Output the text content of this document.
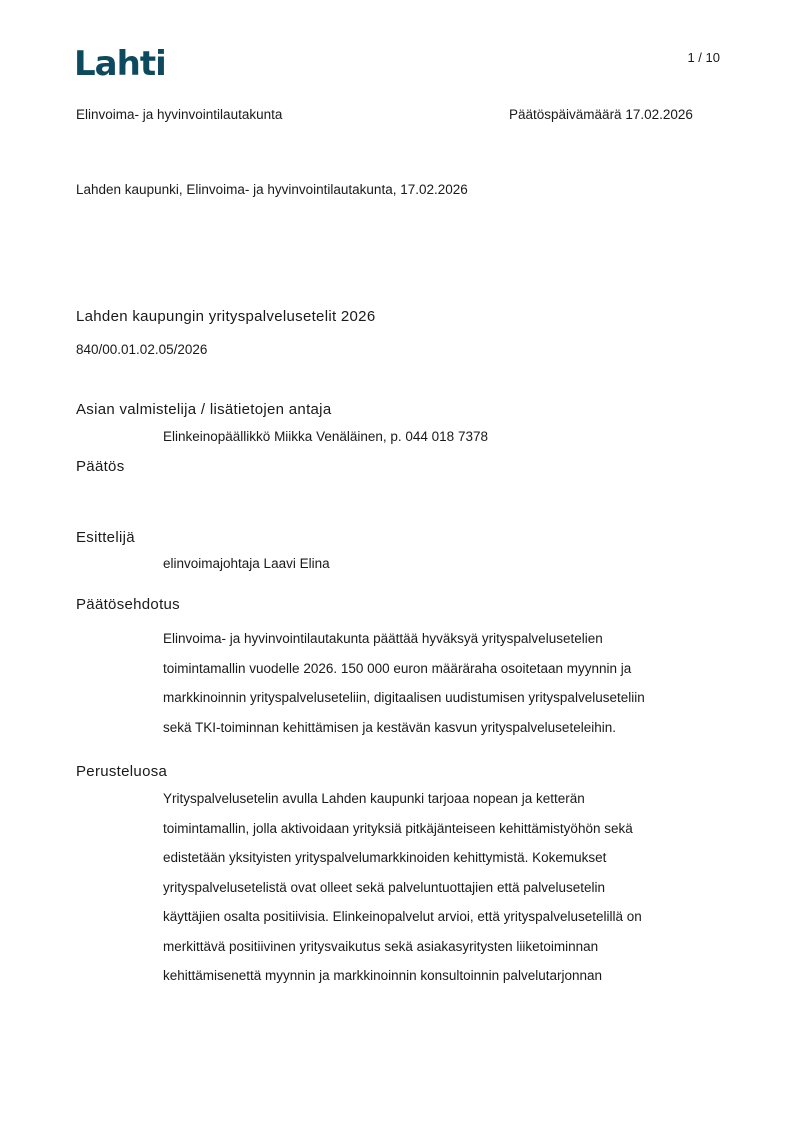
Lahti	1 / 10
Elinvoima- ja hyvinvointilautakunta	Päätöspäivämäärä 17.02.2026
Lahden kaupunki, Elinvoima- ja hyvinvointilautakunta, 17.02.2026
Lahden kaupungin yrityspalvelusetelit 2026
840/00.01.02.05/2026
Asian valmistelija / lisätietojen antaja
Elinkeinopäällikkö Miikka Venäläinen, p. 044 018 7378
Päätös
Esittelijä
elinvoimajohtaja Laavi Elina
Päätösehdotus
Elinvoima- ja hyvinvointilautakunta päättää hyväksyä yrityspalvelusetelien
toimintamallin vuodelle 2026. 150 000 euron määräraha osoitetaan myynnin ja
markkinoinnin yrityspalveluseteliin, digitaalisen uudistumisen yrityspalveluseteliin
sekä TKI-toiminnan kehittämisen ja kestävän kasvun yrityspalveluseteleihin.
Perusteluosa
Yrityspalvelusetelin avulla Lahden kaupunki tarjoaa nopean ja ketterän
toimintamallin, jolla aktivoidaan yrityksiä pitkäjänteiseen kehittämistyöhön sekä
edistetään yksityisten yrityspalvelumarkkinoiden kehittymistä. Kokemukset
yrityspalvelusetelistä ovat olleet sekä palveluntuottajien että palvelusetelin
käyttäjien osalta positiivisia. Elinkeinopalvelut arvioi, että yrityspalvelusetelillä on
merkittävä positiivinen yritysvaikutus sekä asiakasyritysten liiketoiminnan
kehittämisenettä myynnin ja markkinoinnin konsultoinnin palvelutarjonnan
